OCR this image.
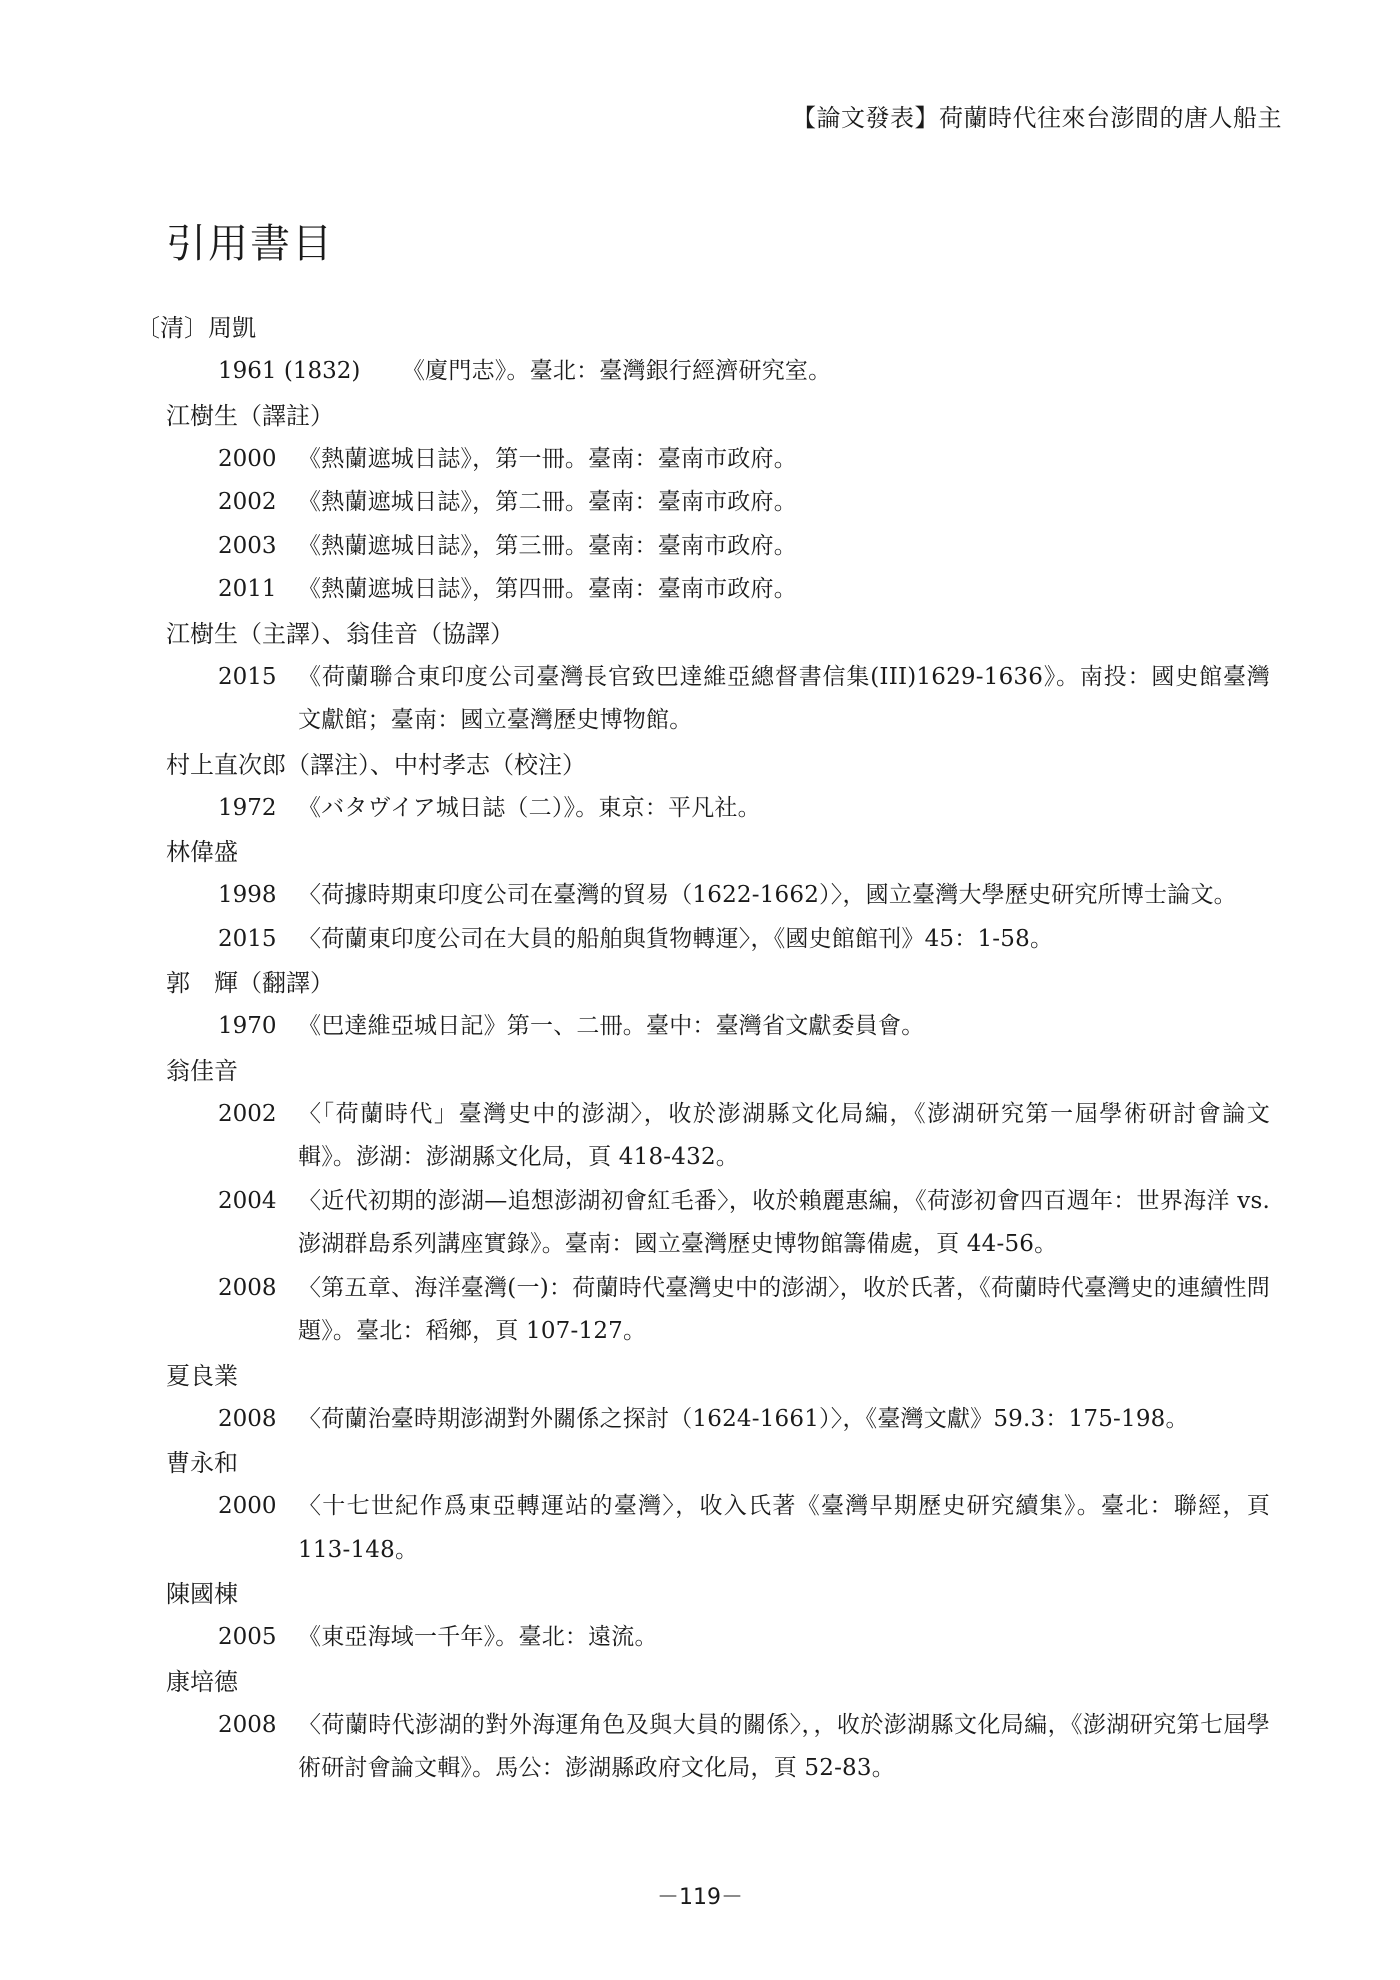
【論文發表】荷蘭時代往來台澎間的唐人船主
引用書目
〔清〕周凱
1961 (1832) 《廈門志》。臺北：臺灣銀行經濟研究室。
江樹生（譯註）
2000 《熱蘭遮城日誌》，第一冊。臺南：臺南市政府。
2002 《熱蘭遮城日誌》，第二冊。臺南：臺南市政府。
2003 《熱蘭遮城日誌》，第三冊。臺南：臺南市政府。
2011 《熱蘭遮城日誌》，第四冊。臺南：臺南市政府。
江樹生（主譯）、翁佳音（協譯）
2015 《荷蘭聯合東印度公司臺灣長官致巴達維亞總督書信集(III)1629-1636》。南投：國史館臺灣文獻館；臺南：國立臺灣歷史博物館。
村上直次郎（譯注）、中村孝志（校注）
1972 《バタヴイア城日誌（二）》。東京：平凡社。
林偉盛
1998 〈荷據時期東印度公司在臺灣的貿易（1622-1662）〉，國立臺灣大學歷史研究所博士論文。
2015 〈荷蘭東印度公司在大員的船舶與貨物轉運〉，《國史館館刊》45：1-58。
郭　輝（翻譯）
1970 《巴達維亞城日記》第一、二冊。臺中：臺灣省文獻委員會。
翁佳音
2002 〈「荷蘭時代」臺灣史中的澎湖〉，收於澎湖縣文化局編，《澎湖研究第一屆學術研討會論文輯》。澎湖：澎湖縣文化局，頁 418-432。
2004 〈近代初期的澎湖—追想澎湖初會紅毛番〉，收於賴麗惠編，《荷澎初會四百週年：世界海洋 vs. 澎湖群島系列講座實錄》。臺南：國立臺灣歷史博物館籌備處，頁 44-56。
2008 〈第五章、海洋臺灣(一)：荷蘭時代臺灣史中的澎湖〉，收於氏著，《荷蘭時代臺灣史的連續性問題》。臺北：稻鄉，頁 107-127。
夏良業
2008 〈荷蘭治臺時期澎湖對外關係之探討（1624-1661）〉，《臺灣文獻》59.3：175-198。
曹永和
2000 〈十七世紀作爲東亞轉運站的臺灣〉，收入氏著《臺灣早期歷史研究續集》。臺北：聯經，頁 113-148。
陳國棟
2005 《東亞海域一千年》。臺北：遠流。
康培德
2008 〈荷蘭時代澎湖的對外海運角色及與大員的關係〉，，收於澎湖縣文化局編，《澎湖研究第七屆學術研討會論文輯》。馬公：澎湖縣政府文化局，頁 52-83。
－119－
